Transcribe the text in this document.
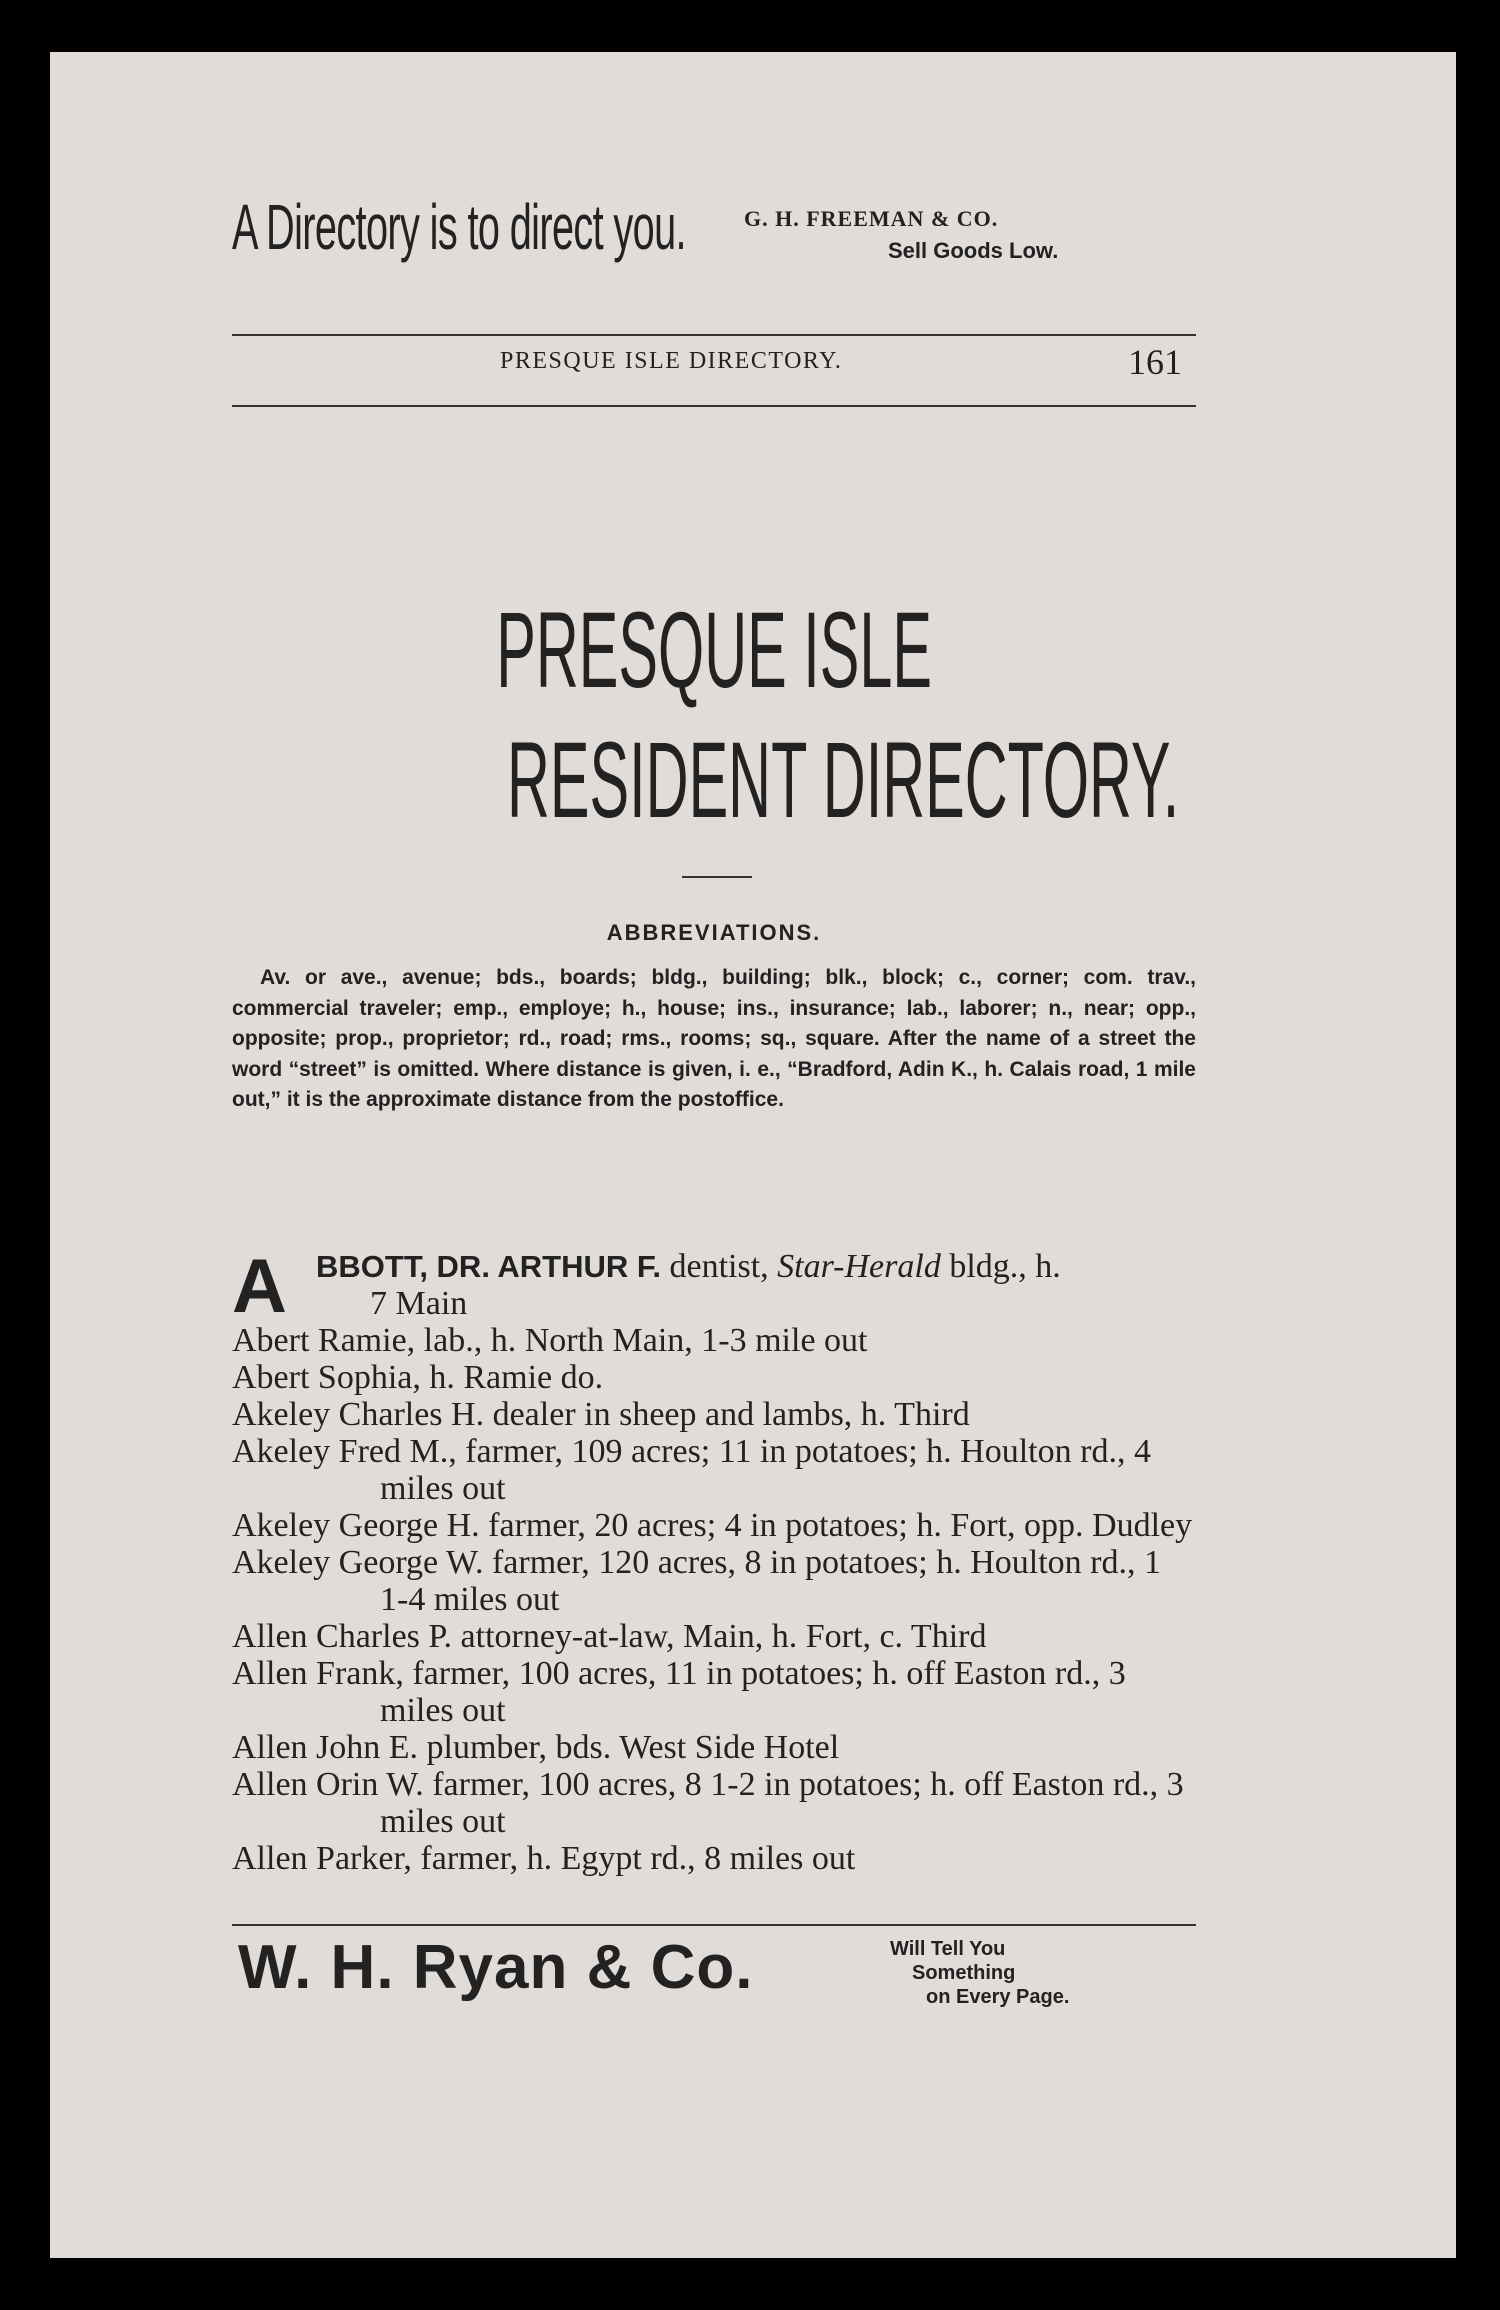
A Directory is to direct you.	G. H. FREEMAN & CO.
Sell Goods Low.
PRESQUE ISLE DIRECTORY.	161
PRESQUE ISLE
RESIDENT DIRECTORY.
ABBREVIATIONS.
Av. or ave., avenue; bds., boards; bldg., building; blk., block; c., corner; com. trav., commercial traveler; emp., employe; h., house; ins., insurance; lab., laborer; n., near; opp., opposite; prop., proprietor; rd., road; rms., rooms; sq., square. After the name of a street the word “street” is omitted. Where distance is given, i. e., “Bradford, Adin K., h. Calais road, 1 mile out,” it is the approximate distance from the postoffice.
A BBOTT, DR. ARTHUR F. dentist, Star-Herald bldg., h.
7 Main
Abert Ramie, lab., h. North Main, 1-3 mile out
Abert Sophia, h. Ramie do.
Akeley Charles H. dealer in sheep and lambs, h. Third
Akeley Fred M., farmer, 109 acres; 11 in potatoes; h. Houlton rd., 4 miles out
Akeley George H. farmer, 20 acres; 4 in potatoes; h. Fort, opp. Dudley
Akeley George W. farmer, 120 acres, 8 in potatoes; h. Houlton rd., 1 1-4 miles out
Allen Charles P. attorney-at-law, Main, h. Fort, c. Third
Allen Frank, farmer, 100 acres, 11 in potatoes; h. off Easton rd., 3 miles out
Allen John E. plumber, bds. West Side Hotel
Allen Orin W. farmer, 100 acres, 8 1-2 in potatoes; h. off Easton rd., 3 miles out
Allen Parker, farmer, h. Egypt rd., 8 miles out
W. H. Ryan & Co.	Will Tell You
Something
on Every Page.
